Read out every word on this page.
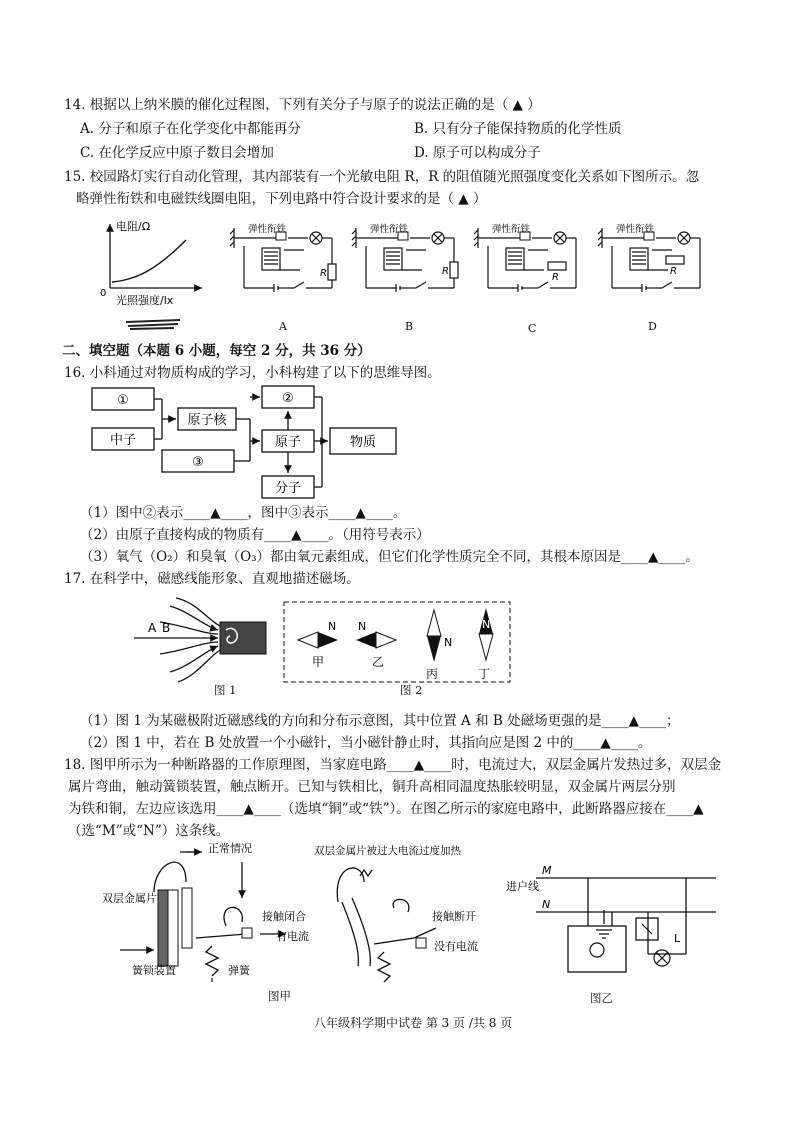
14. 根据以上纳米膜的催化过程图，下列有关分子与原子的说法正确的是（ ▲ ）
A. 分子和原子在化学变化中都能再分	B. 只有分子能保持物质的化学性质
C. 在化学反应中原子数目会增加	D. 原子可以构成分子
15. 校园路灯实行自动化管理，其内部装有一个光敏电阻 R，R 的阻值随光照强度变化关系如下图所示。忽
略弹性衔铁和电磁铁线圈电阻，下列电路中符合设计要求的是（ ▲ ）
电阻/Ω
0
光照强度/lx
弹性衔铁
R
弹性衔铁
R
弹性衔铁
R
弹性衔铁
R
A	B	C	D
二、填空题（本题 6 小题，每空 2 分，共 36 分）
16. 小科通过对物质构成的学习，小科构建了以下的思维导图。
①
中子
③
原子核
②
原子
分子
物质
（1）图中②表示____▲____，图中③表示____▲____。
（2）由原子直接构成的物质有____▲____。（用符号表示）
（3）氧气（O₂）和臭氧（O₃）都由氧元素组成，但它们化学性质完全不同，其根本原因是____▲____。
17. 在科学中，磁感线能形象、直观地描述磁场。
A B	N
甲
N
乙
N
丙
N
丁
图 1	图 2
（1）图 1 为某磁极附近磁感线的方向和分布示意图，其中位置 A 和 B 处磁场更强的是____▲____；
（2）图 1 中，若在 B 处放置一个小磁针，当小磁针静止时，其指向应是图 2 中的____▲____。
18. 图甲所示为一种断路器的工作原理图，当家庭电路____▲____时，电流过大，双层金属片发热过多，双层金
属片弯曲，触动簧锁装置，触点断开。已知与铁相比，铜升高相同温度热胀较明显，双金属片两层分别
为铁和铜，左边应该选用____▲____（选填“铜”或“铁”）。在图乙所示的家庭电路中，此断路器应接在____▲
（选“M”或“N”）这条线。
正常情况
双层金属片
接触闭合
有电流
簧锁装置	弹簧
双层金属片被过大电流过度加热
接触断开
没有电流
图甲
进户线
M
N
L
图乙
八年级科学期中试卷 第 3 页 /共 8 页
